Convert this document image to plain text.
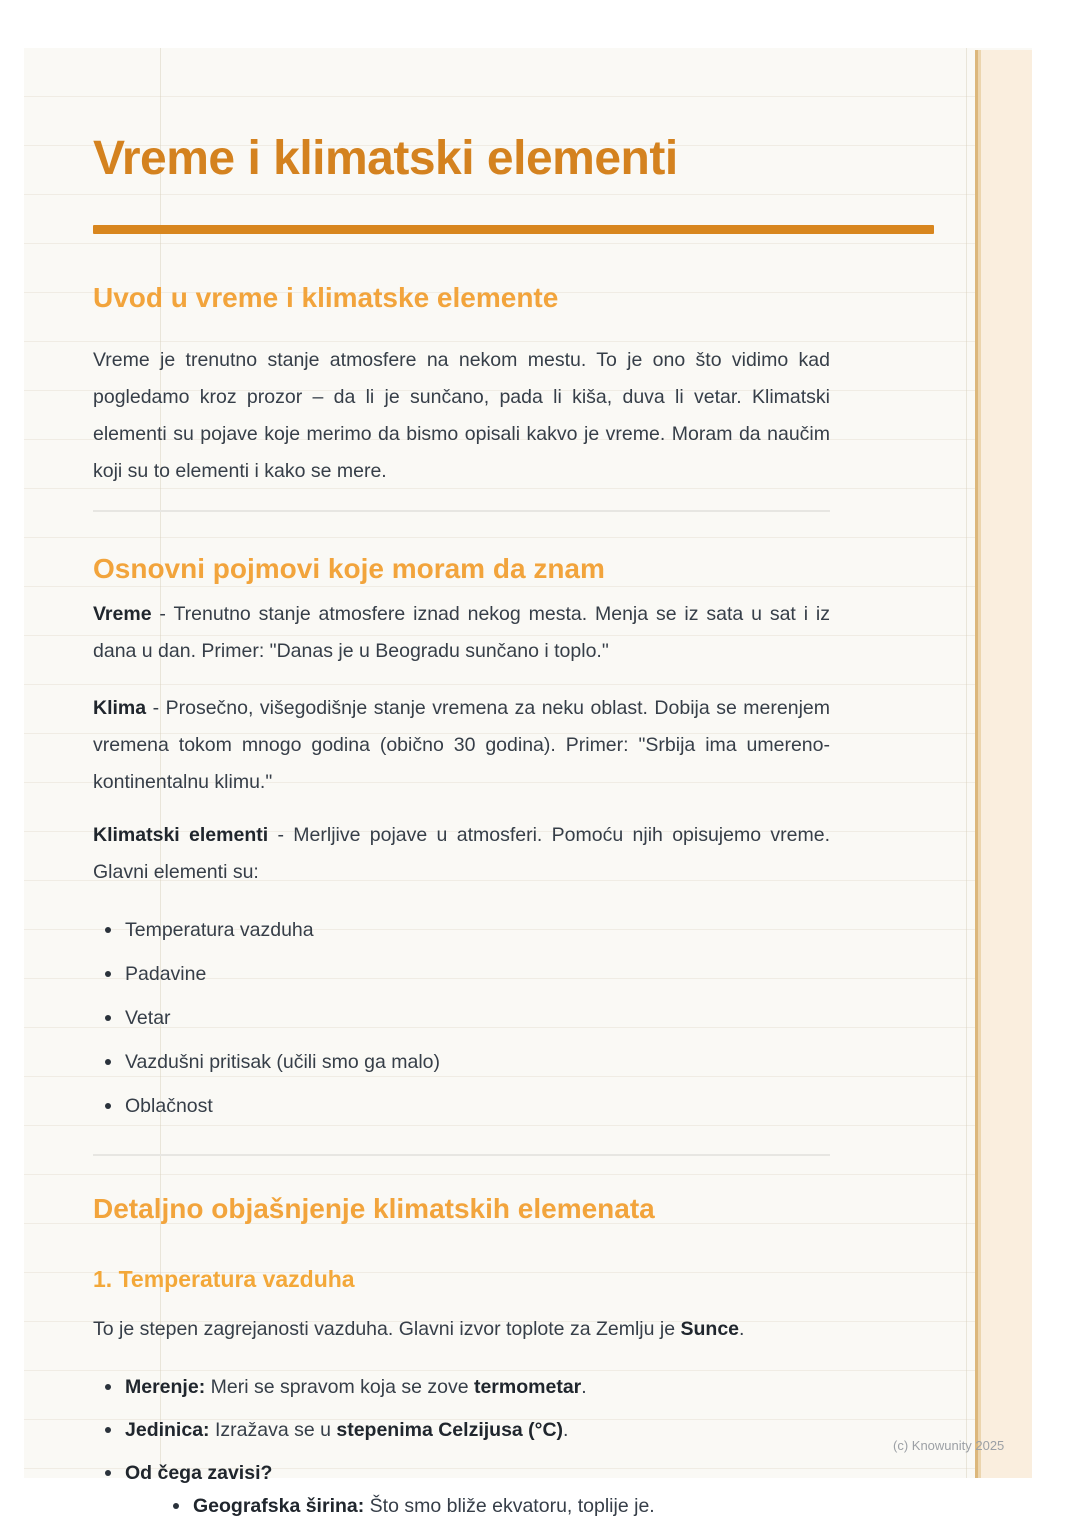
Vreme i klimatski elementi
Uvod u vreme i klimatske elemente

Vreme je trenutno stanje atmosfere na nekom mestu. To je ono što vidimo kad pogledamo kroz prozor – da li je sunčano, pada li kiša, duva li vetar. Klimatski elementi su pojave koje merimo da bismo opisali kakvo je vreme. Moram da naučim koji su to elementi i kako se mere.

Osnovni pojmovi koje moram da znam

Vreme - Trenutno stanje atmosfere iznad nekog mesta. Menja se iz sata u sat i iz dana u dan. Primer: "Danas je u Beogradu sunčano i toplo."

Klima - Prosečno, višegodišnje stanje vremena za neku oblast. Dobija se merenjem vremena tokom mnogo godina (obično 30 godina). Primer: "Srbija ima umereno-kontinentalnu klimu."

Klimatski elementi - Merljive pojave u atmosferi. Pomoću njih opisujemo vreme. Glavni elementi su:

Temperatura vazduha
Padavine
Vetar
Vazdušni pritisak (učili smo ga malo)
Oblačnost
Detaljno objašnjenje klimatskih elemenata
1. Temperatura vazduha

To je stepen zagrejanosti vazduha. Glavni izvor toplote za Zemlju je Sunce.

Merenje: Meri se spravom koja se zove termometar.
Jedinica: Izražava se u stepenima Celzijusa (°C).
Od čega zavisi?
Geografska širina: Što smo bliže ekvatoru, toplije je.
(c) Knowunity 2025
